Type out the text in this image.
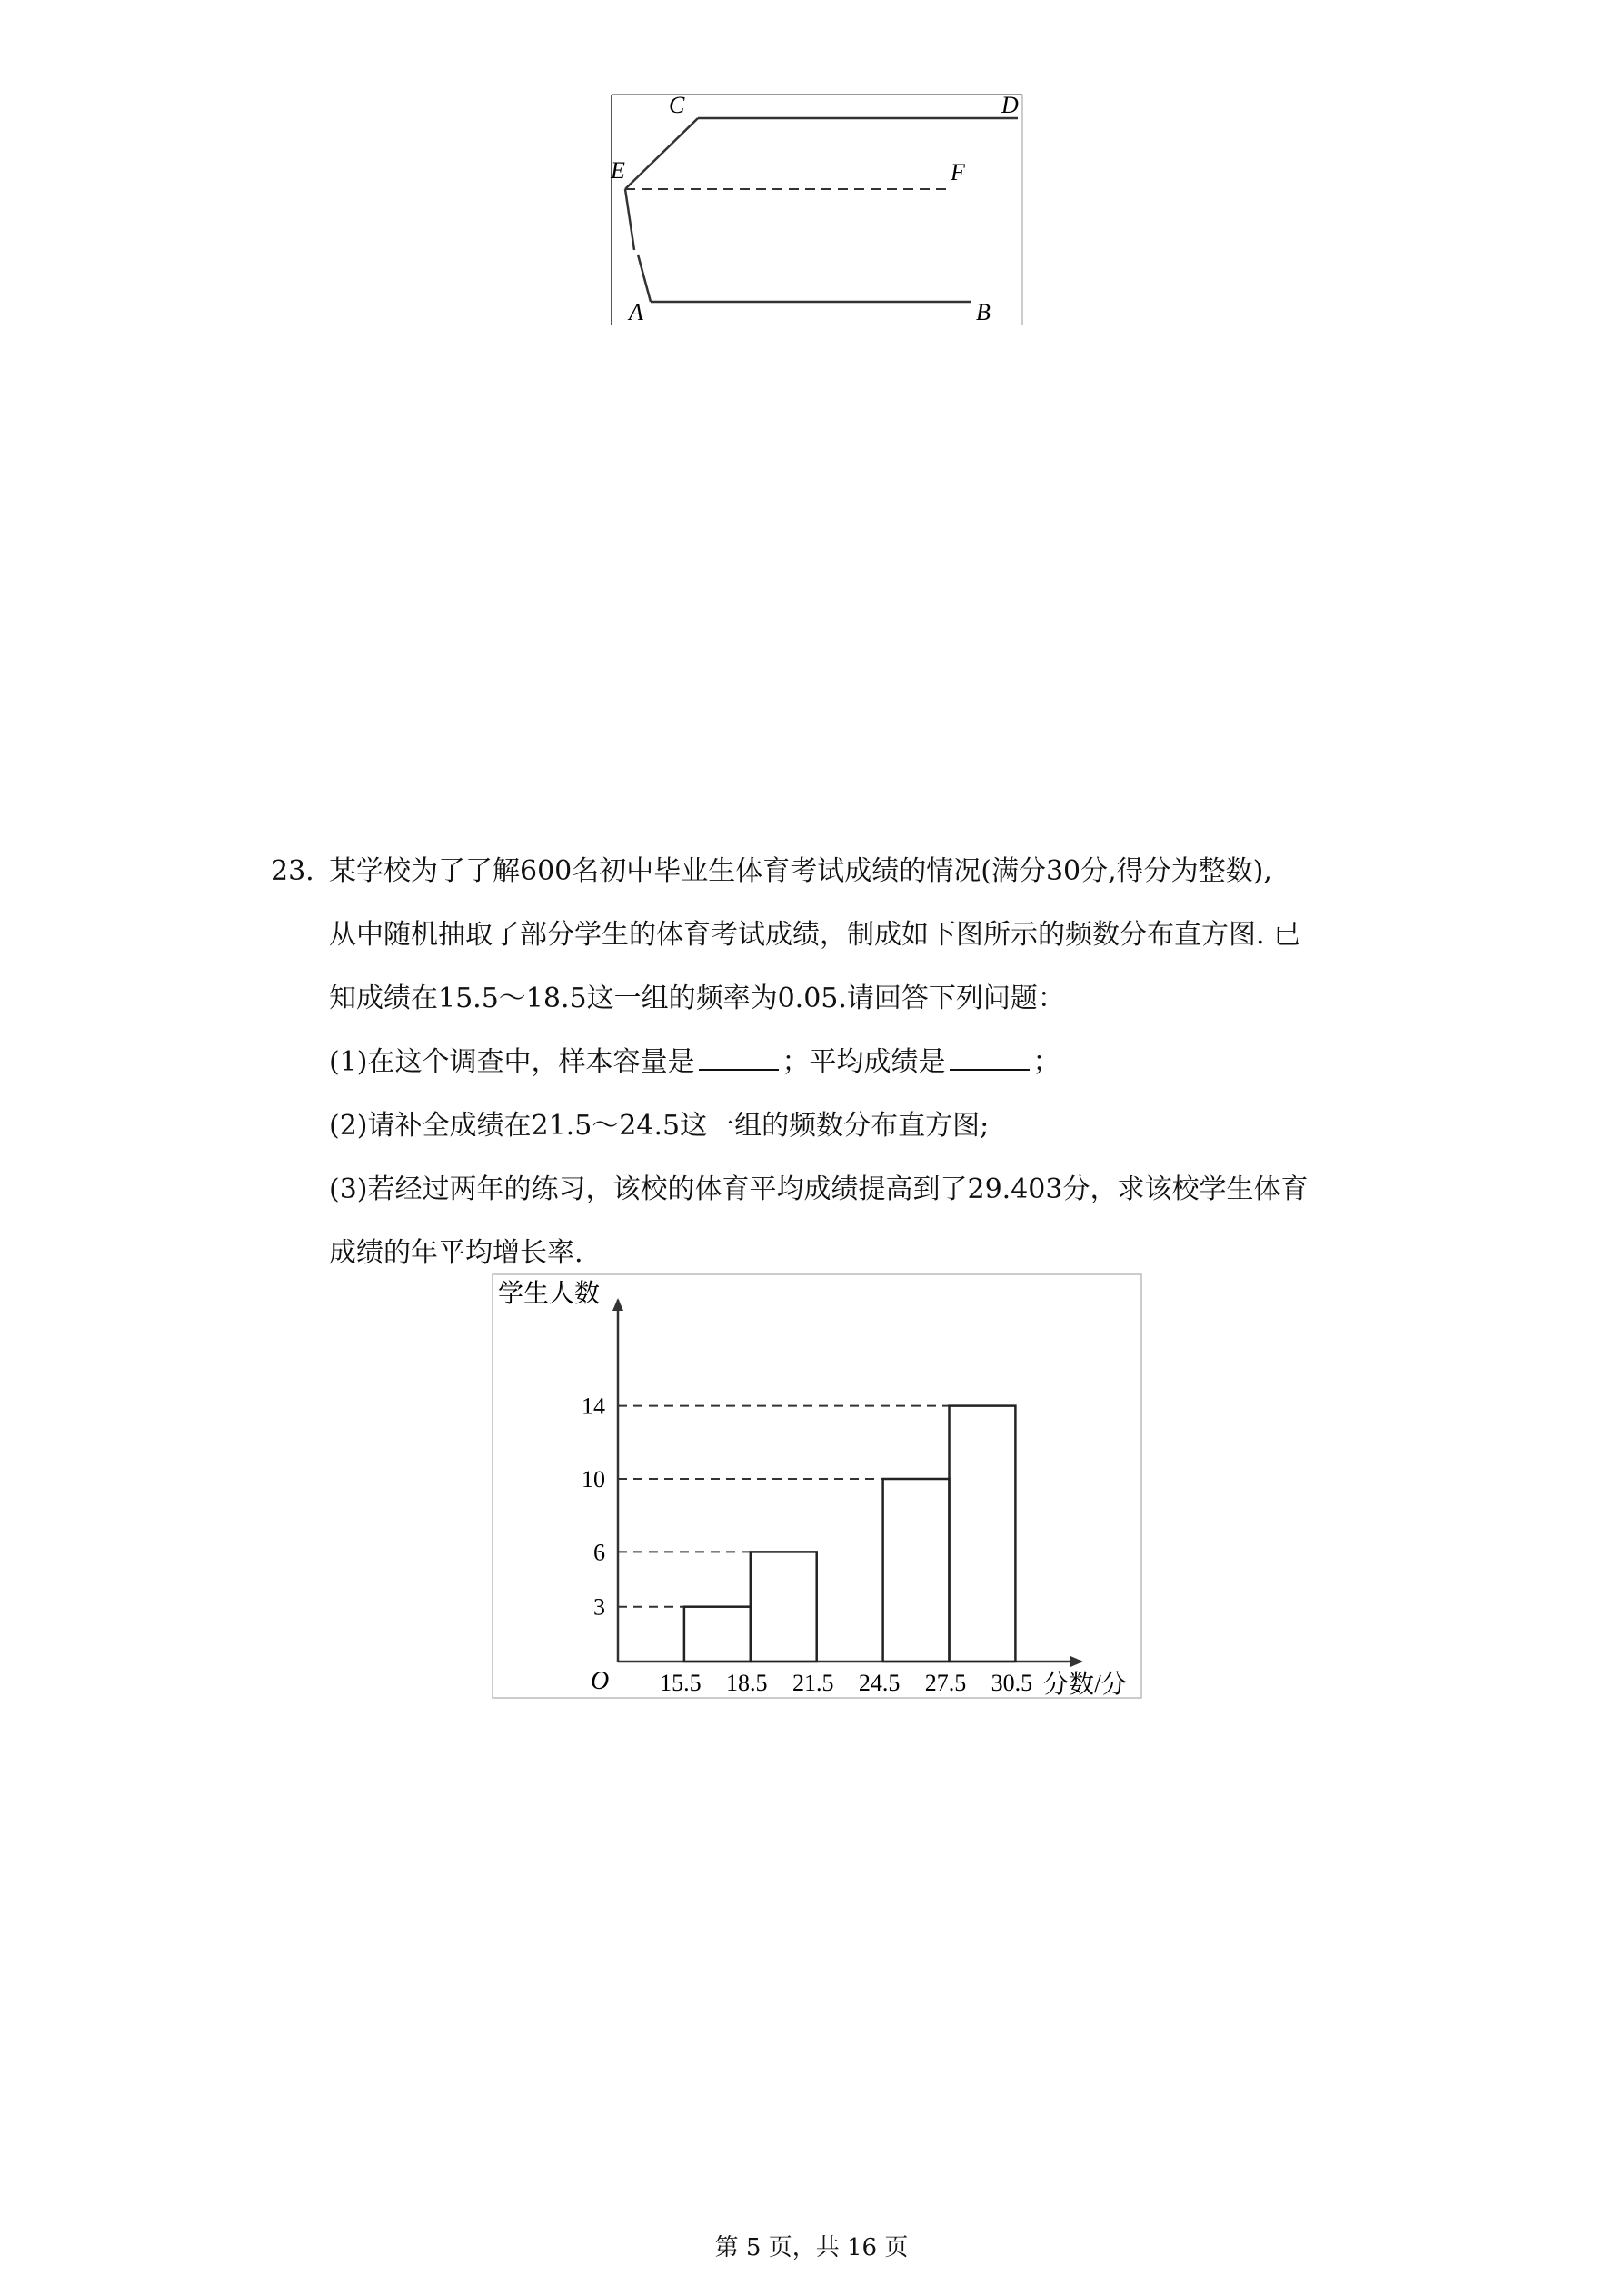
C	D
E	F
A	B
23. 某学校为了了解600名初中毕业生体育考试成绩的情况(满分30分,得分为整数),
从中随机抽取了部分学生的体育考试成绩，制成如下图所示的频数分布直方图. 已
知成绩在15.5～18.5这一组的频率为0.05.请回答下列问题：
(1)在这个调查中，样本容量是	；平均成绩是	；
(2)请补全成绩在21.5～24.5这一组的频数分布直方图;
(3)若经过两年的练习，该校的体育平均成绩提高到了29.403分，求该校学生体育
成绩的年平均增长率.
3
6
10
14
15.5 18.5 21.5 24.5 27.5 30.5
O
学生人数
分数/分
第 5 页，共 16 页
